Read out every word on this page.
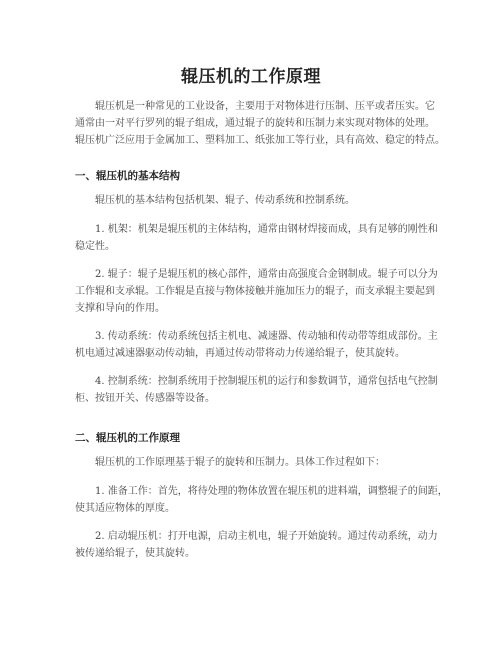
辊压机的工作原理
辊压机是一种常见的工业设备，主要用于对物体进行压制、压平或者压实。它
通常由一对平行罗列的辊子组成，通过辊子的旋转和压制力来实现对物体的处理。
辊压机广泛应用于金属加工、塑料加工、纸张加工等行业，具有高效、稳定的特点。
一、辊压机的基本结构
辊压机的基本结构包括机架、辊子、传动系统和控制系统。
1. 机架：机架是辊压机的主体结构，通常由钢材焊接而成，具有足够的刚性和
稳定性。
2. 辊子：辊子是辊压机的核心部件，通常由高强度合金钢制成。辊子可以分为
工作辊和支承辊。工作辊是直接与物体接触并施加压力的辊子，而支承辊主要起到
支撑和导向的作用。
3. 传动系统：传动系统包括主机电、减速器、传动轴和传动带等组成部份。主
机电通过减速器驱动传动轴，再通过传动带将动力传递给辊子，使其旋转。
4. 控制系统：控制系统用于控制辊压机的运行和参数调节，通常包括电气控制
柜、按钮开关、传感器等设备。
二、辊压机的工作原理
辊压机的工作原理基于辊子的旋转和压制力。具体工作过程如下：
1. 准备工作：首先，将待处理的物体放置在辊压机的进料端，调整辊子的间距，
使其适应物体的厚度。
2. 启动辊压机：打开电源，启动主机电，辊子开始旋转。通过传动系统，动力
被传递给辊子，使其旋转。
